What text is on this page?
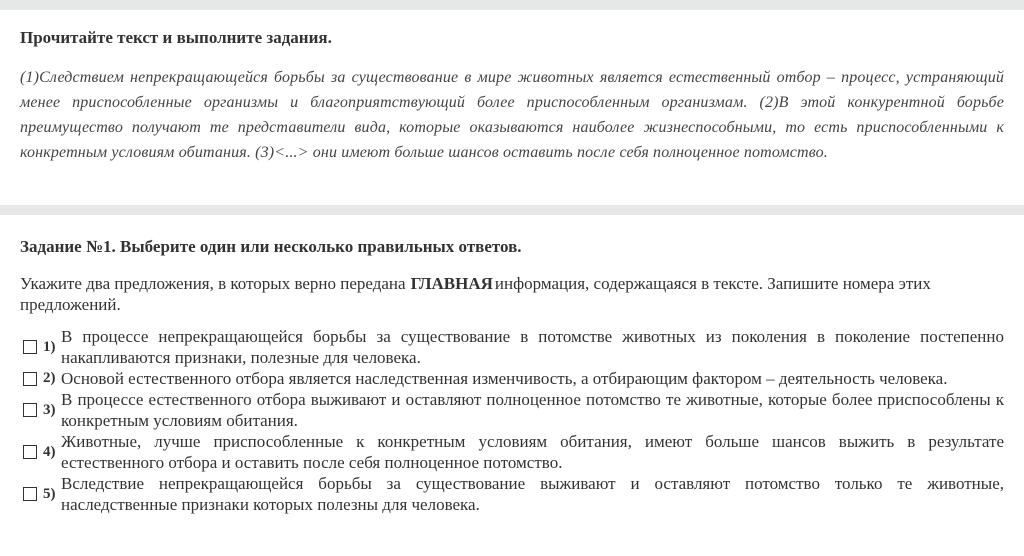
Прочитайте текст и выполните задания.

(1)Следствием непрекращающейся борьбы за существование в мире животных является естественный отбор – процесс, устраняющий менее приспособленные организмы и благоприятствующий более приспособленным организмам. (2)В этой конкурентной борьбе преимущество получают те представители вида, которые оказываются наиболее жизнеспособными, то есть приспособленными к конкретным условиям обитания. (3)<...> они имеют больше шансов оставить после себя полноценное потомство.

Задание №1. Выберите один или несколько правильных ответов.

Укажите два предложения, в которых верно передана ГЛАВНАЯ информация, содержащаяся в тексте. Запишите номера этих предложений.

1)
В процессе непрекращающейся борьбы за существование в потомстве животных из поколения в поколение постепенно накапливаются признаки, полезные для человека.
2) Основой естественного отбора является наследственная изменчивость, а отбирающим фактором – деятельность человека.
3)
В процессе естественного отбора выживают и оставляют полноценное потомство те животные, которые более приспособлены к конкретным условиям обитания.
4)
Животные, лучше приспособленные к конкретным условиям обитания, имеют больше шансов выжить в результате естественного отбора и оставить после себя полноценное потомство.
5)
Вследствие непрекращающейся борьбы за существование выживают и оставляют потомство только те животные, наследственные признаки которых полезны для человека.
